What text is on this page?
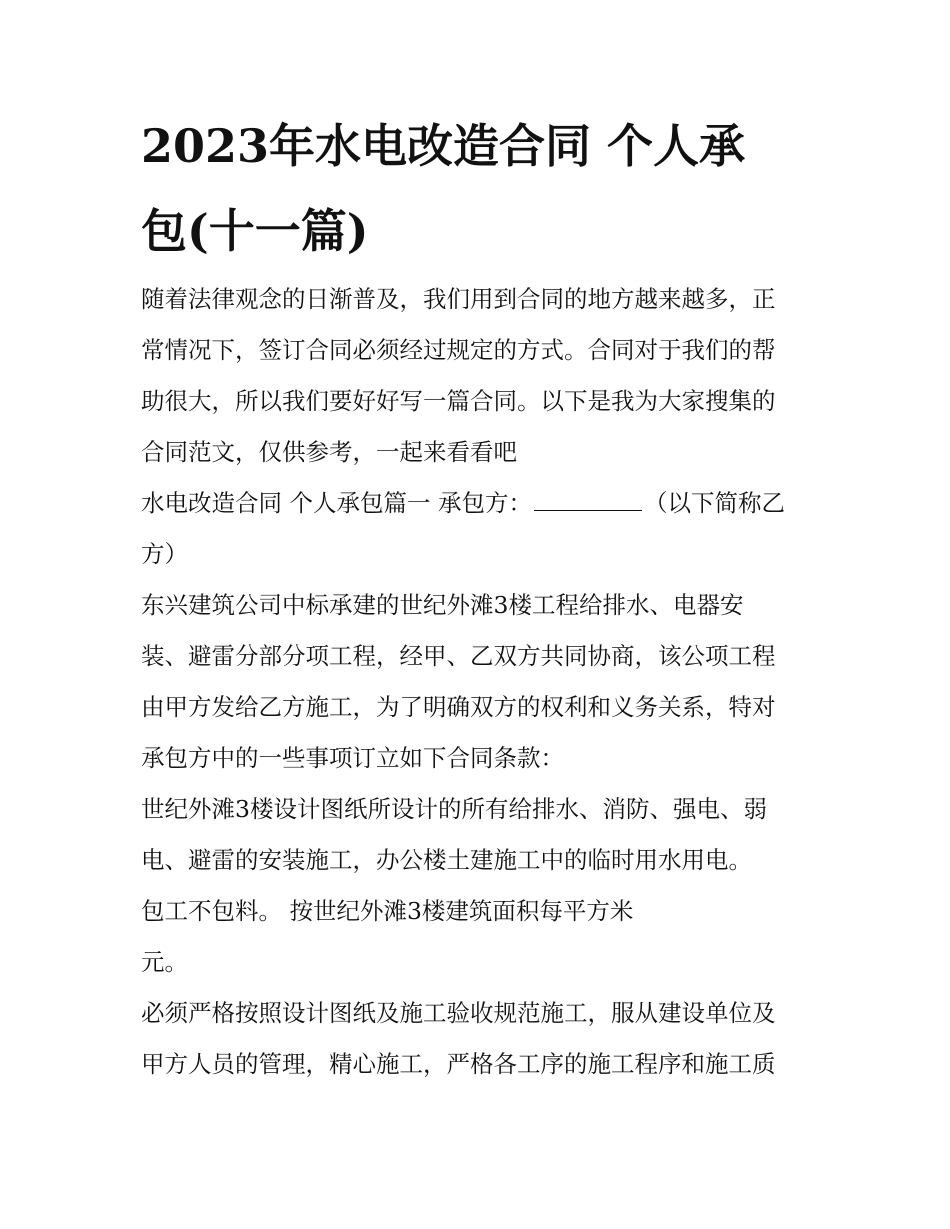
2023年水电改造合同 个人承
包(十一篇)
随着法律观念的日渐普及，我们用到合同的地方越来越多，正
常情况下，签订合同必须经过规定的方式。合同对于我们的帮
助很大，所以我们要好好写一篇合同。以下是我为大家搜集的
合同范文，仅供参考，一起来看看吧
水电改造合同 个人承包篇一 承包方：	（以下简称乙
方）
东兴建筑公司中标承建的世纪外滩3楼工程给排水、电器安
装、避雷分部分项工程，经甲、乙双方共同协商，该公项工程
由甲方发给乙方施工，为了明确双方的权利和义务关系，特对
承包方中的一些事项订立如下合同条款：
世纪外滩3楼设计图纸所设计的所有给排水、消防、强电、弱
电、避雷的安装施工，办公楼土建施工中的临时用水用电。
包工不包料。 按世纪外滩3楼建筑面积每平方米
元。
必须严格按照设计图纸及施工验收规范施工，服从建设单位及
甲方人员的管理，精心施工，严格各工序的施工程序和施工质
